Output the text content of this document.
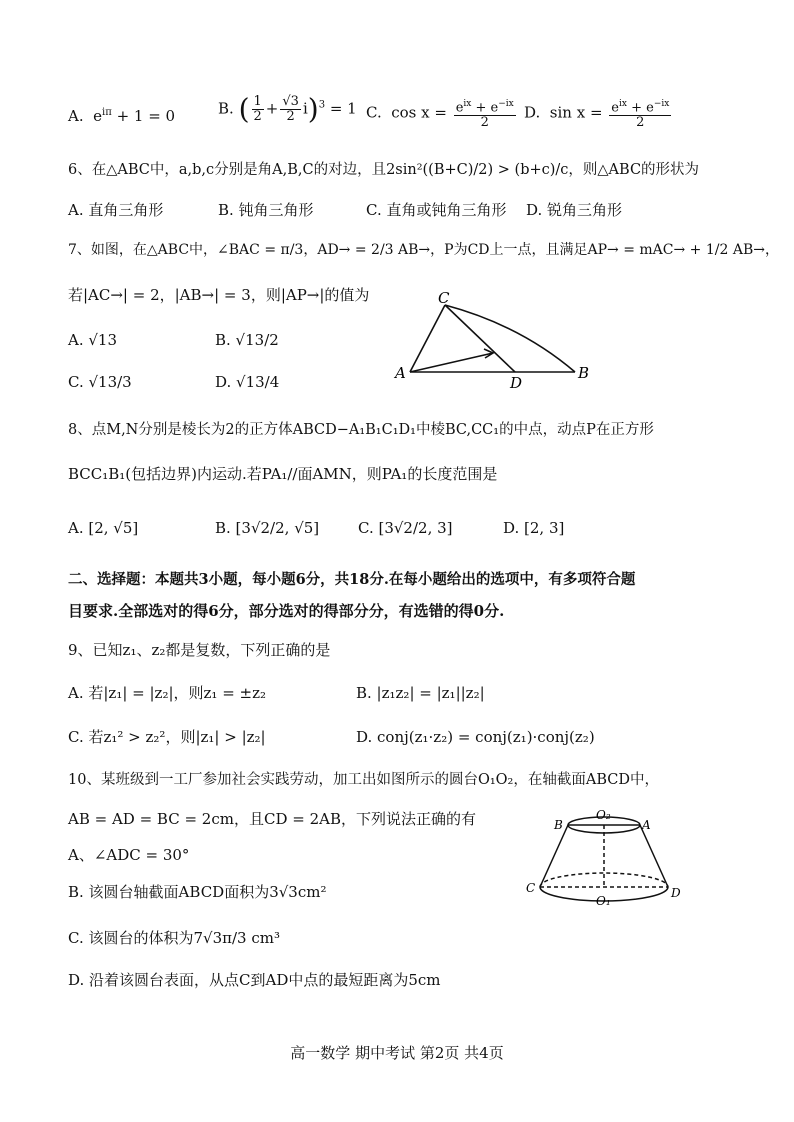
A.  $e^{i\pi} + 1 = 0$	B. ( $\frac{1}{2} + \frac{√3}{2} i)^3 = 1$ C.  $\cos x = \frac{e^{ix} + e^{-ix}}{2} D$.  $\sin x = \frac{e^{ix} + e^{-ix}}{2}$
6、在△ABC中，a,b,c分别是角A,B,C的对边，且2sin²((B+C)/2) > (b+c)/c，则△ABC的形状为
A. 直角三角形	B. 钝角三角形	C. 直角或钝角三角形 D. 锐角三角形
7、如图，在△ABC中，∠BAC = π/3，AD→ = 2/3 AB→，P为CD上一点，且满足AP→ = mAC→ + 1/2 AB→，
若|AC→| = 2，|AB→| = 3，则|AP→|的值为
A. √13	B. √13/2
C. √13/3	D. √13/4
C
A
D
B
8、点M,N分别是棱长为2的正方体ABCD−A₁B₁C₁D₁中棱BC,CC₁的中点，动点P在正方形
BCC₁B₁(包括边界)内运动.若PA₁//面AMN，则PA₁的长度范围是
A. [2, √5]	B. [3√2/2, √5]	C. [3√2/2, 3]	D. [2, 3]
二、选择题：本题共3小题，每小题6分，共18分.在每小题给出的选项中，有多项符合题
目要求.全部选对的得6分，部分选对的得部分分，有选错的得0分.
9、已知z₁、z₂都是复数，下列正确的是
A. 若|z₁| = |z₂|，则z₁ = ±z₂	B. |z₁z₂| = |z₁||z₂|
C. 若z₁² > z₂²，则|z₁| > |z₂|	D. conj(z₁·z₂) = conj(z₁)·conj(z₂)
10、某班级到一工厂参加社会实践劳动，加工出如图所示的圆台O₁O₂，在轴截面ABCD中，
AB = AD = BC = 2cm，且CD = 2AB，下列说法正确的有
A、∠ADC = 30°
B. 该圆台轴截面ABCD面积为3√3cm²
C. 该圆台的体积为7√3π/3 cm³
D. 沿着该圆台表面，从点C到AD中点的最短距离为5cm
B	A
O₂
C	D
O₁
高一数学 期中考试 第2页 共4页
